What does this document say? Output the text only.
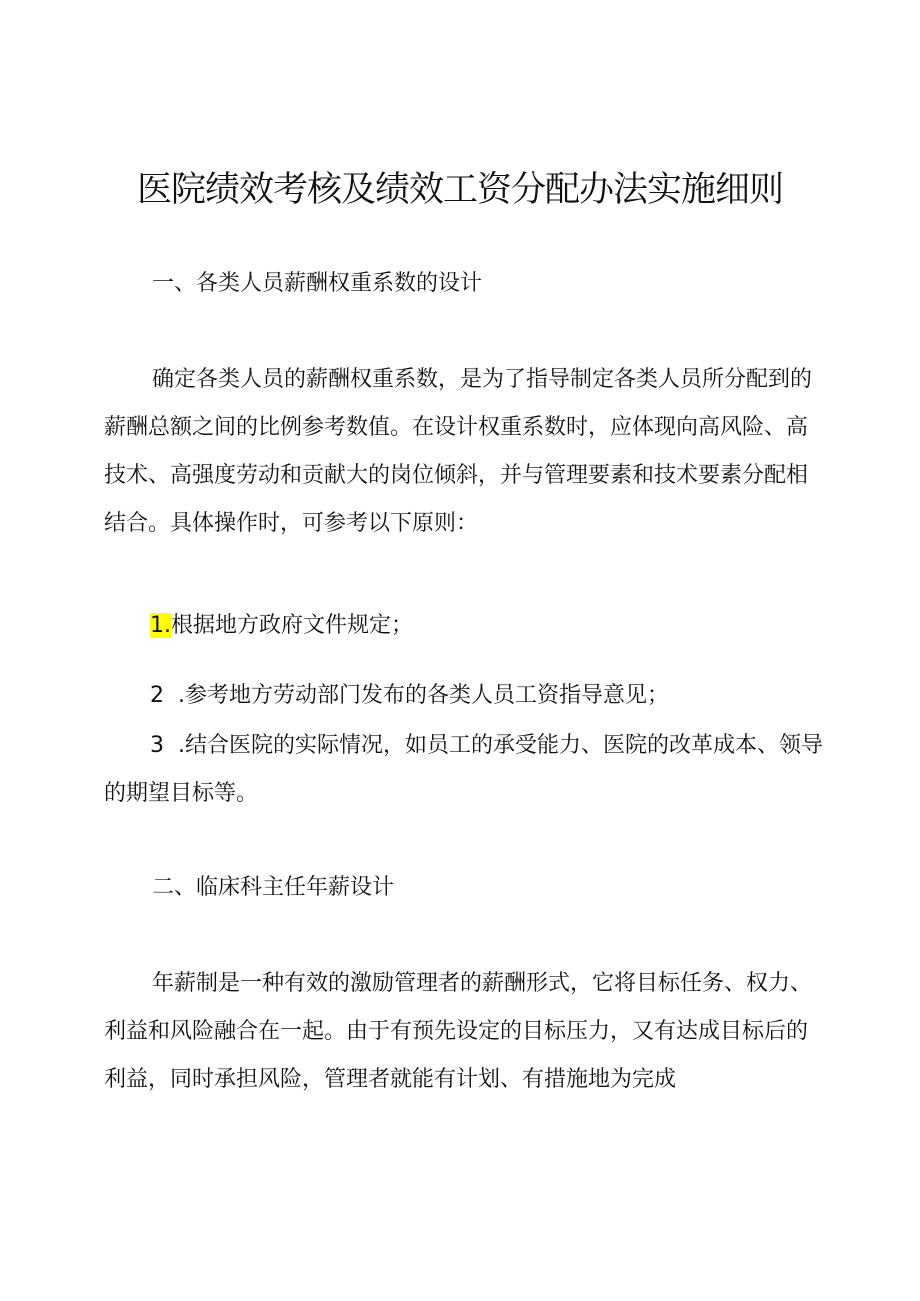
医院绩效考核及绩效工资分配办法实施细则
一、各类人员薪酬权重系数的设计

确定各类人员的薪酬权重系数，是为了指导制定各类人员所分配到的薪酬总额之间的比例参考数值。在设计权重系数时，应体现向高风险、高技术、高强度劳动和贡献大的岗位倾斜，并与管理要素和技术要素分配相结合。具体操作时，可参考以下原则：

1.根据地方政府文件规定；

2  .参考地方劳动部门发布的各类人员工资指导意见；

3  .结合医院的实际情况，如员工的承受能力、医院的改革成本、领导的期望目标等。

二、临床科主任年薪设计

年薪制是一种有效的激励管理者的薪酬形式，它将目标任务、权力、利益和风险融合在一起。由于有预先设定的目标压力，又有达成目标后的利益，同时承担风险，管理者就能有计划、有措施地为完成
